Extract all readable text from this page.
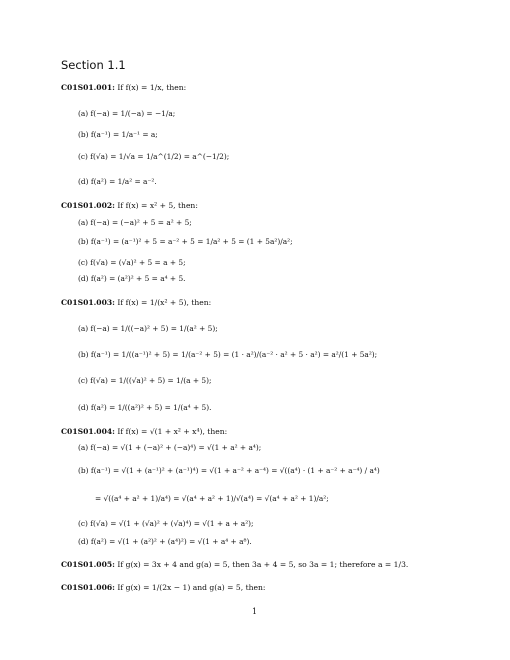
Section 1.1
C01S01.001: If f(x) = 1/x, then:
(a) f(−a) = 1/(−a) = −1/a;
(b) f(a⁻¹) = 1/a⁻¹ = a;
(c) f(√a) = 1/√a = 1/a^(1/2) = a^(−1/2);
(d) f(a²) = 1/a² = a⁻².
C01S01.002: If f(x) = x² + 5, then:
(a) f(−a) = (−a)² + 5 = a² + 5;
(b) f(a⁻¹) = (a⁻¹)² + 5 = a⁻² + 5 = 1/a² + 5 = (1 + 5a²)/a²;
(c) f(√a) = (√a)² + 5 = a + 5;
(d) f(a²) = (a²)² + 5 = a⁴ + 5.
C01S01.003: If f(x) = 1/(x² + 5), then:
(a) f(−a) = 1/((−a)² + 5) = 1/(a² + 5);
(b) f(a⁻¹) = 1/((a⁻¹)² + 5) = 1/(a⁻² + 5) = (1 · a²)/(a⁻² · a² + 5 · a²) = a²/(1 + 5a²);
(c) f(√a) = 1/((√a)² + 5) = 1/(a + 5);
(d) f(a²) = 1/((a²)² + 5) = 1/(a⁴ + 5).
C01S01.004: If f(x) = √(1 + x² + x⁴), then:
(a) f(−a) = √(1 + (−a)² + (−a)⁴) = √(1 + a² + a⁴);
(b) f(a⁻¹) = √(1 + (a⁻¹)² + (a⁻¹)⁴) = √(1 + a⁻² + a⁻⁴) = √((a⁴) · (1 + a⁻² + a⁻⁴) / a⁴)
= √((a⁴ + a² + 1)/a⁴) = √(a⁴ + a² + 1)/√(a⁴) = √(a⁴ + a² + 1)/a²;
(c) f(√a) = √(1 + (√a)² + (√a)⁴) = √(1 + a + a²);
(d) f(a²) = √(1 + (a²)² + (a⁴)²) = √(1 + a⁴ + a⁸).
C01S01.005: If g(x) = 3x + 4 and g(a) = 5, then 3a + 4 = 5, so 3a = 1; therefore a = 1/3.
C01S01.006: If g(x) = 1/(2x − 1) and g(a) = 5, then:
1
